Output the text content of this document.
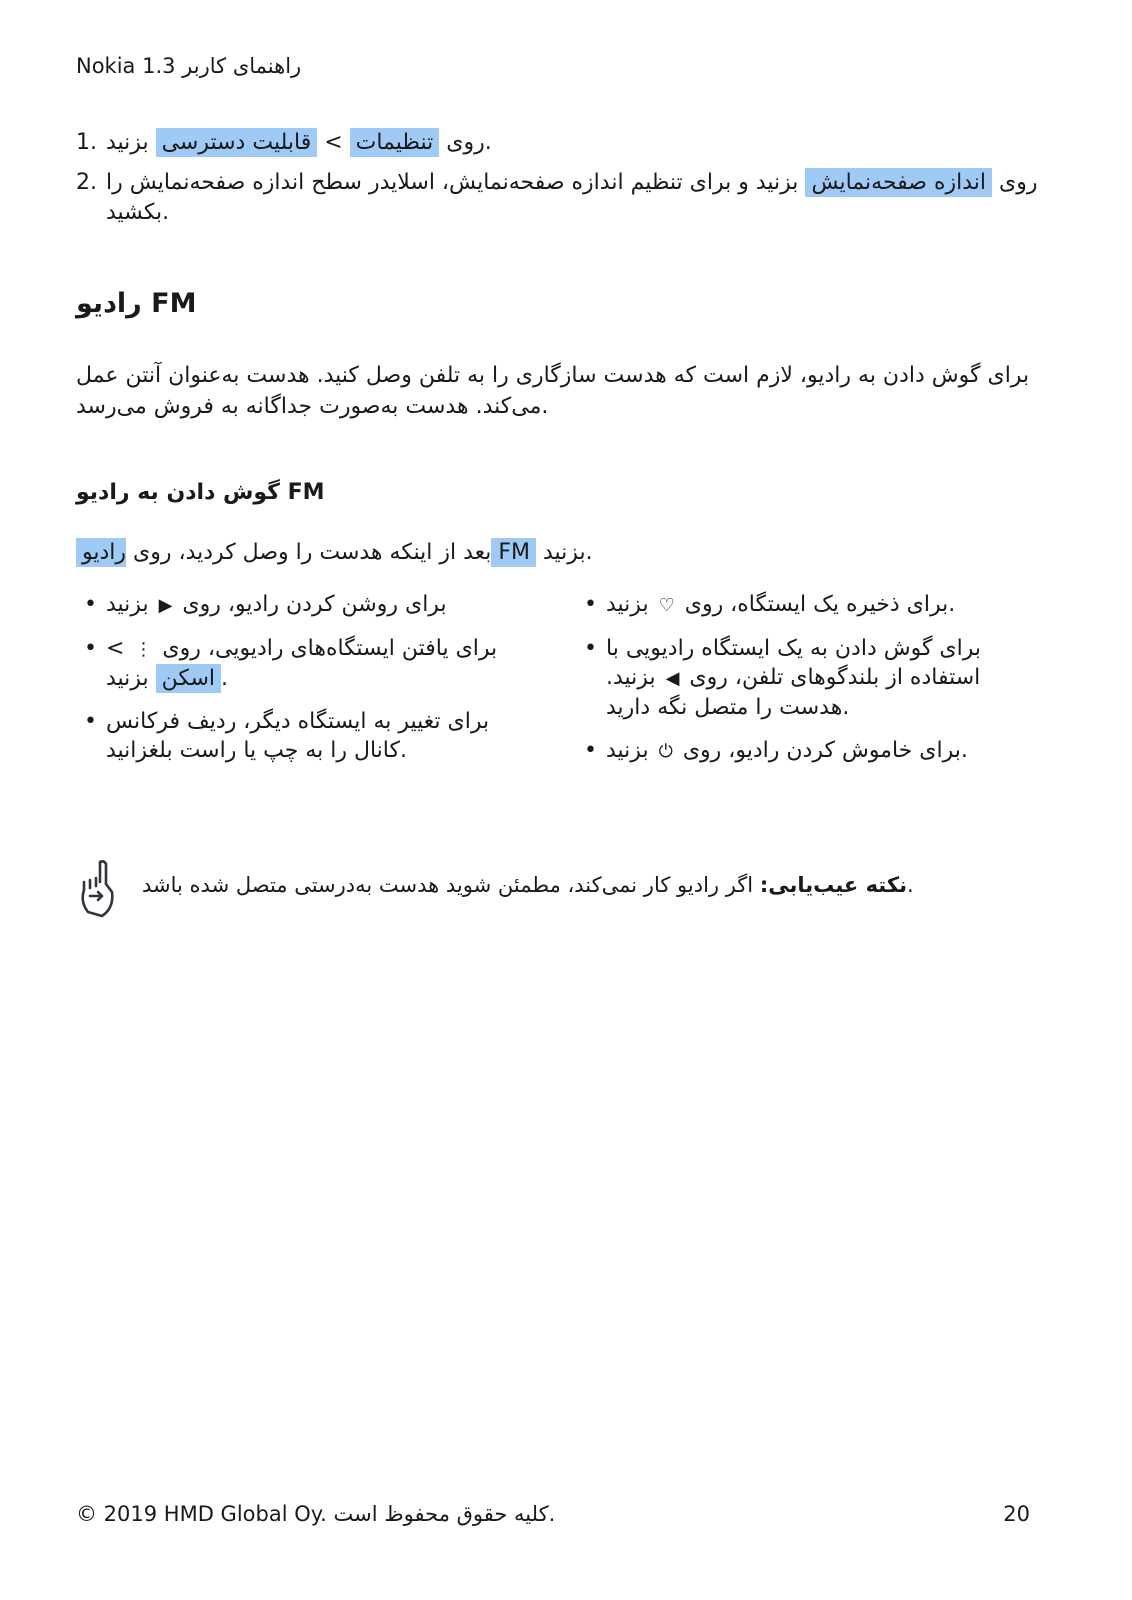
Nokia 1.3 راهنمای کاربر
1.	روی تنظیمات > قابلیت دسترسی بزنید.
2.	روی اندازه صفحه‌نمایش بزنید و برای تنظیم اندازه صفحه‌نمایش، اسلایدر سطح اندازه صفحه‌نمایش را بکشید.
راديو FM
برای گوش دادن به رادیو، لازم است که هدست سازگاری را به تلفن وصل کنید. هدست به‌عنوان آنتن عمل می‌کند. هدست به‌صورت جداگانه به فروش می‌رسد.
گوش دادن به رادیو FM
بعد از اینکه هدست را وصل کردید، روی رادیو FM بزنید.
• برای روشن کردن رادیو، روی ▶ بزنید
• برای یافتن ایستگاه‌های رادیویی، روی ⋮ > اسکن بزنید.
• برای تغییر به ایستگاه دیگر، ردیف فرکانس کانال را به چپ یا راست بلغزانید.
• برای ذخیره یک ایستگاه، روی ♡ بزنید.
• برای گوش دادن به یک ایستگاه رادیویی با استفاده از بلندگوهای تلفن، روی ◀ بزنید. هدست را متصل نگه دارید.
• برای خاموش کردن رادیو، روی ⏻ بزنید.
نکته عیب‌یابی: اگر رادیو کار نمی‌کند، مطمئن شوید هدست به‌درستی متصل شده باشد.
© 2019 HMD Global Oy. کلیه حقوق محفوظ است.	20
